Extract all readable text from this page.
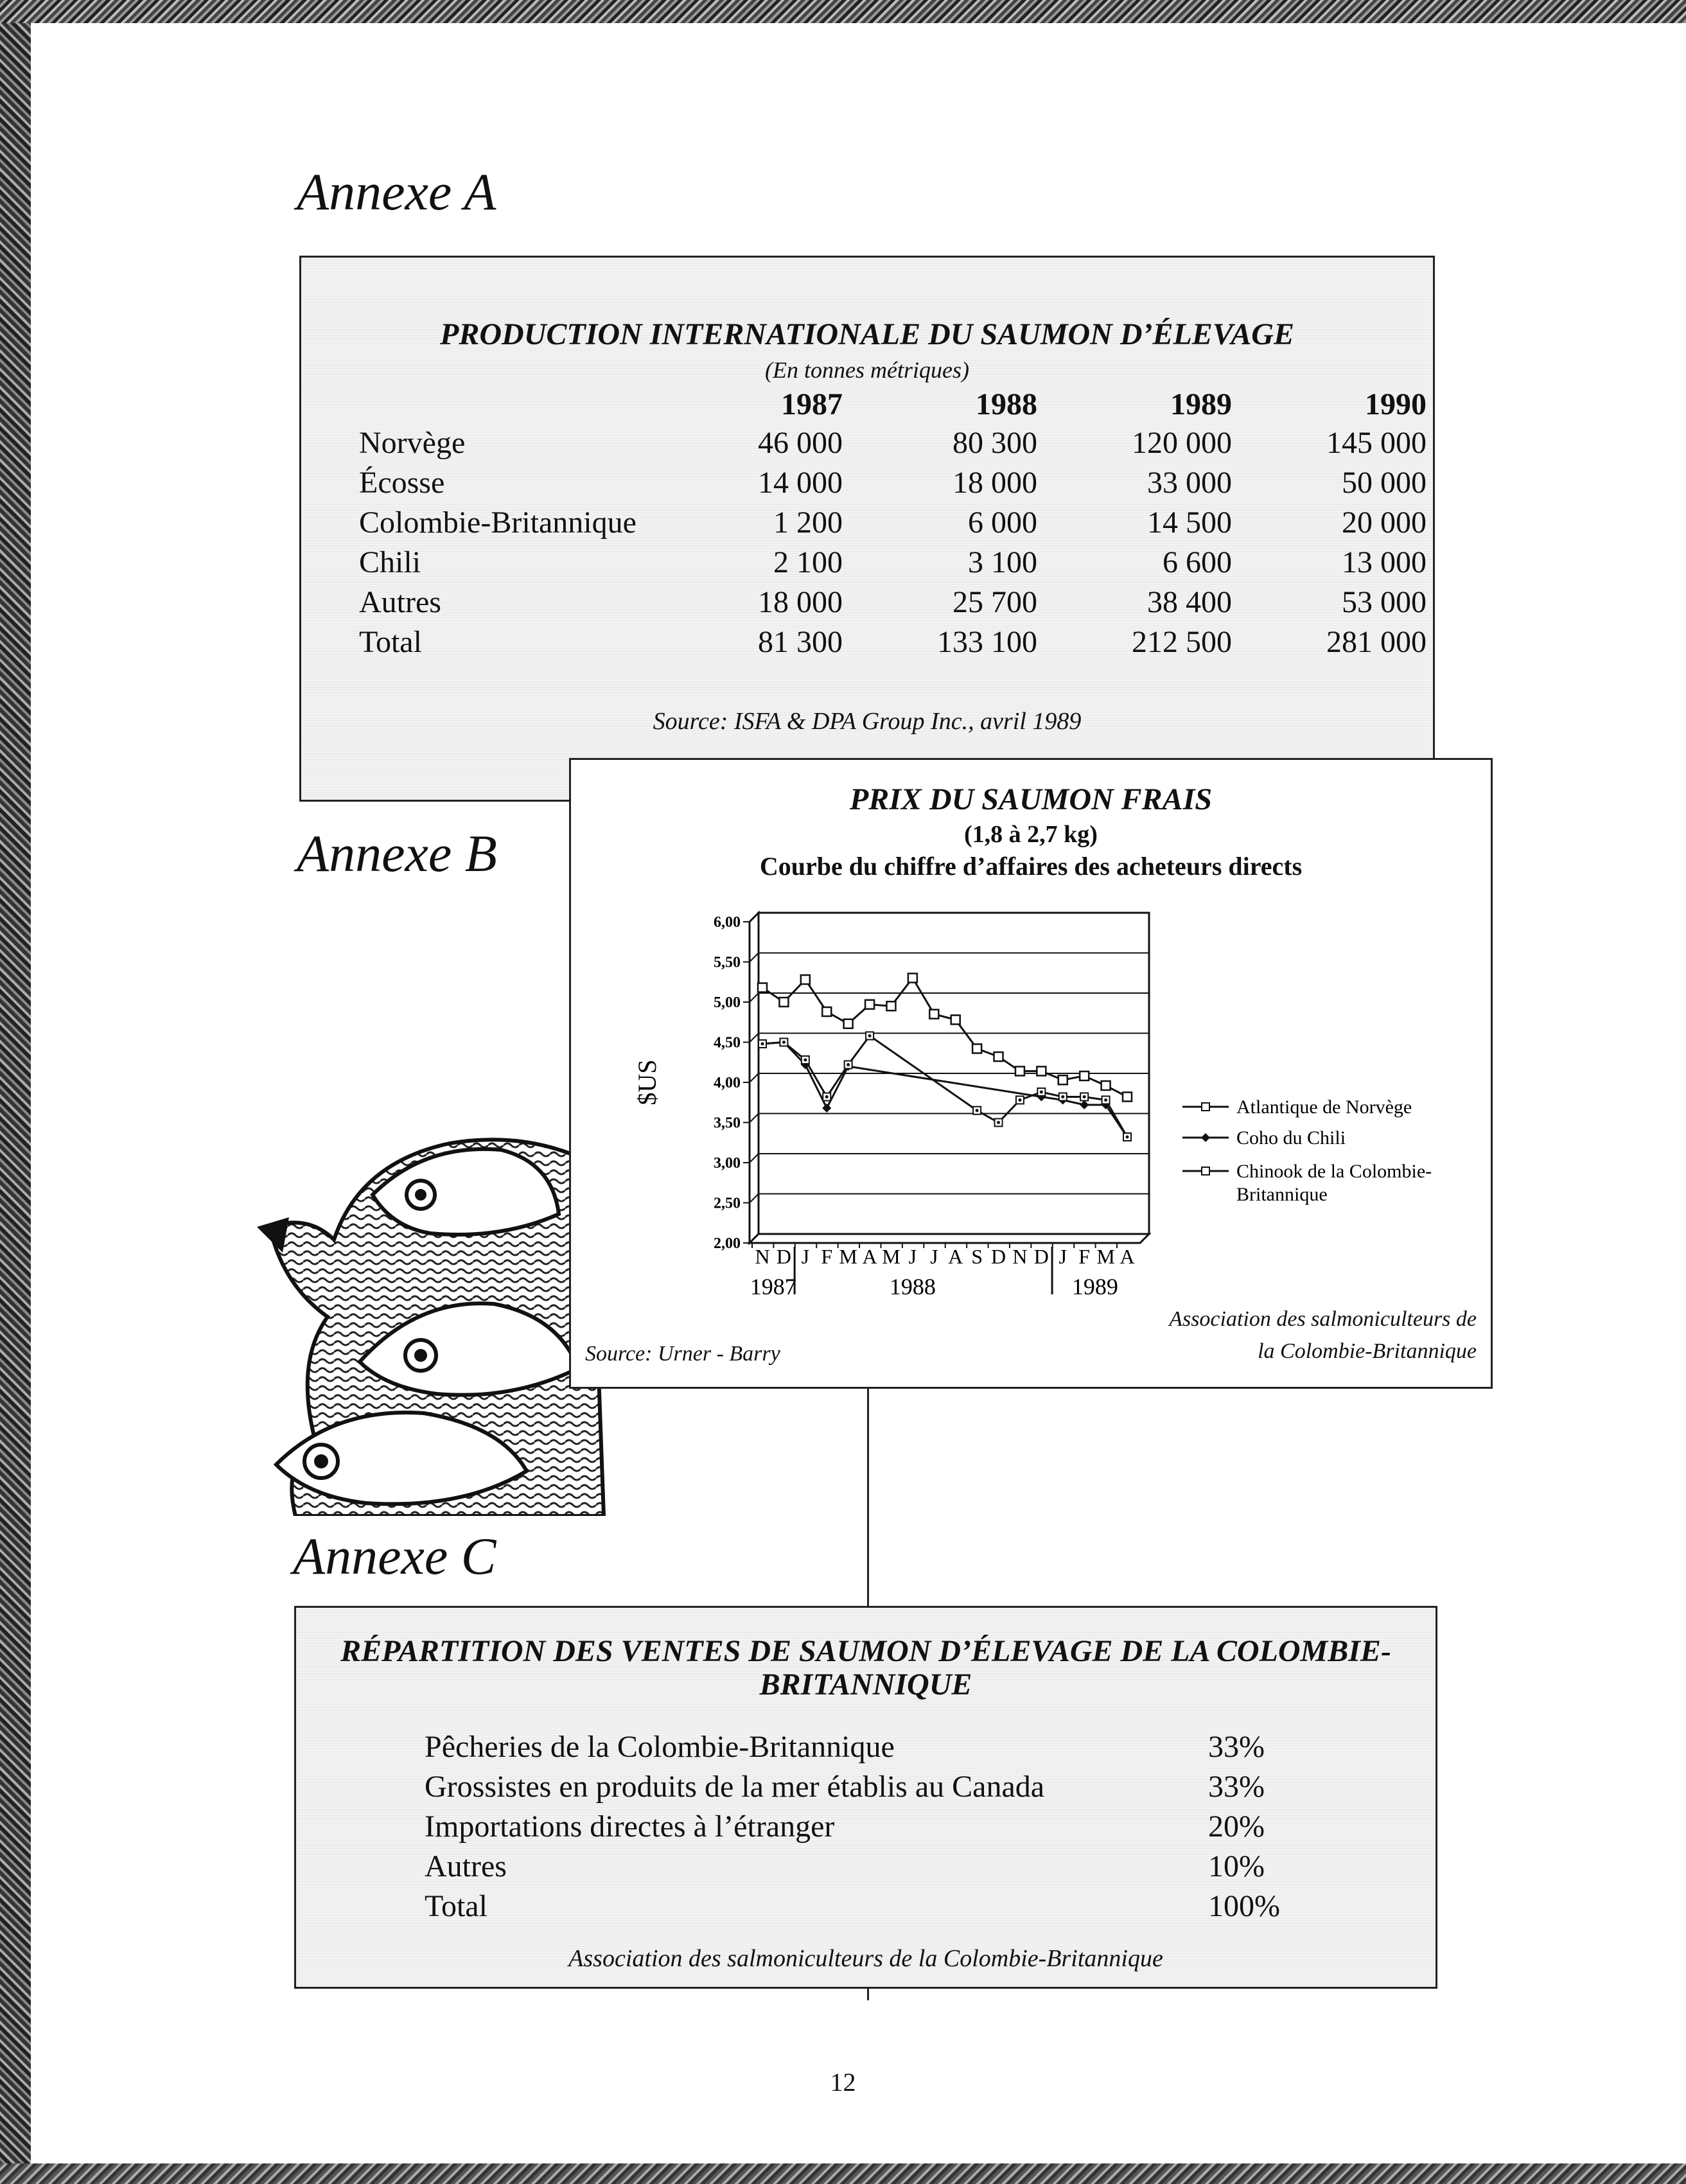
Annexe A
PRODUCTION INTERNATIONALE DU SAUMON D’ÉLEVAGE
(En tonnes métriques)
	1987	1988	1989	1990
Norvège	46 000	80 300	120 000	145 000
Écosse	14 000	18 000	33 000	50 000
Colombie-Britannique	1 200	6 000	14 500	20 000
Chili	2 100	3 100	6 600	13 000
Autres	18 000	25 700	38 400	53 000
Total	81 300	133 100	212 500	281 000
Source: ISFA & DPA Group Inc., avril 1989
Annexe B
PRIX DU SAUMON FRAIS
(1,8 à 2,7 kg)
Courbe du chiffre d’affaires des acheteurs directs
2,00
2,50
3,00
3,50
4,00
4,50
5,00
5,50
6,00
$US
N D J F M A M J J A S D N D J F M A
1987	1988	1989
Atlantique de Norvège
Coho du Chili
Chinook de la Colombie-Britannique
Source: Urner - Barry
Association des salmoniculteurs de
la Colombie-Britannique
Annexe C
RÉPARTITION DES VENTES DE SAUMON D’ÉLEVAGE DE LA COLOMBIE-
BRITANNIQUE
Pêcheries de la Colombie-Britannique	33%
Grossistes en produits de la mer établis au Canada	33%
Importations directes à l’étranger	20%
Autres	10%
Total	100%
Association des salmoniculteurs de la Colombie-Britannique
12
